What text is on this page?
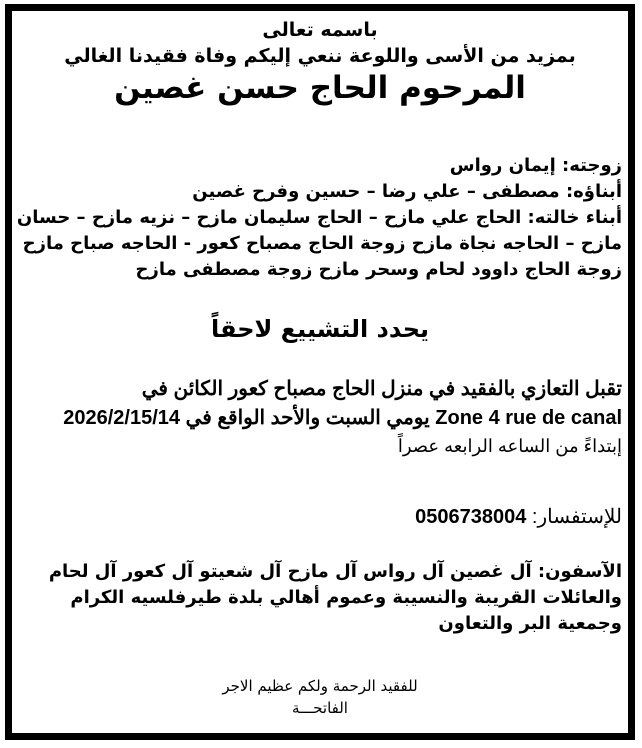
باسمه تعالى
بمزيد من الأسى واللوعة ننعي إليكم وفاة فقيدنا الغالي
المرحوم الحاج حسن غصين
زوجته: إيمان رواس
أبناؤه: مصطفى – علي رضا – حسين وفرح غصين
أبناء خالته: الحاج علي مازح – الحاج سليمان مازح – نزيه مازح – حسان
مازح – الحاجه نجاة مازح زوجة الحاج مصباح كعور - الحاجه صباح مازح
زوجة الحاج داوود لحام وسحر مازح زوجة مصطفى مازح
يحدد التشييع لاحقاً
تقبل التعازي بالفقيد في منزل الحاج مصباح كعور الكائن في
Zone 4 rue de canal يومي السبت والأحد الواقع في 2026/2/15/14
إبتداءً من الساعه الرابعه عصراً
للإستفسار: 0506738004
الآسفون: آل غصين آل رواس آل مازح آل شعيتو آل كعور آل لحام
والعائلات القريبة والنسيبة وعموم أهالي بلدة طيرفلسيه الكرام
وجمعية البر والتعاون
للفقيد الرحمة ولكم عظيم الاجر
الفاتحـــة
